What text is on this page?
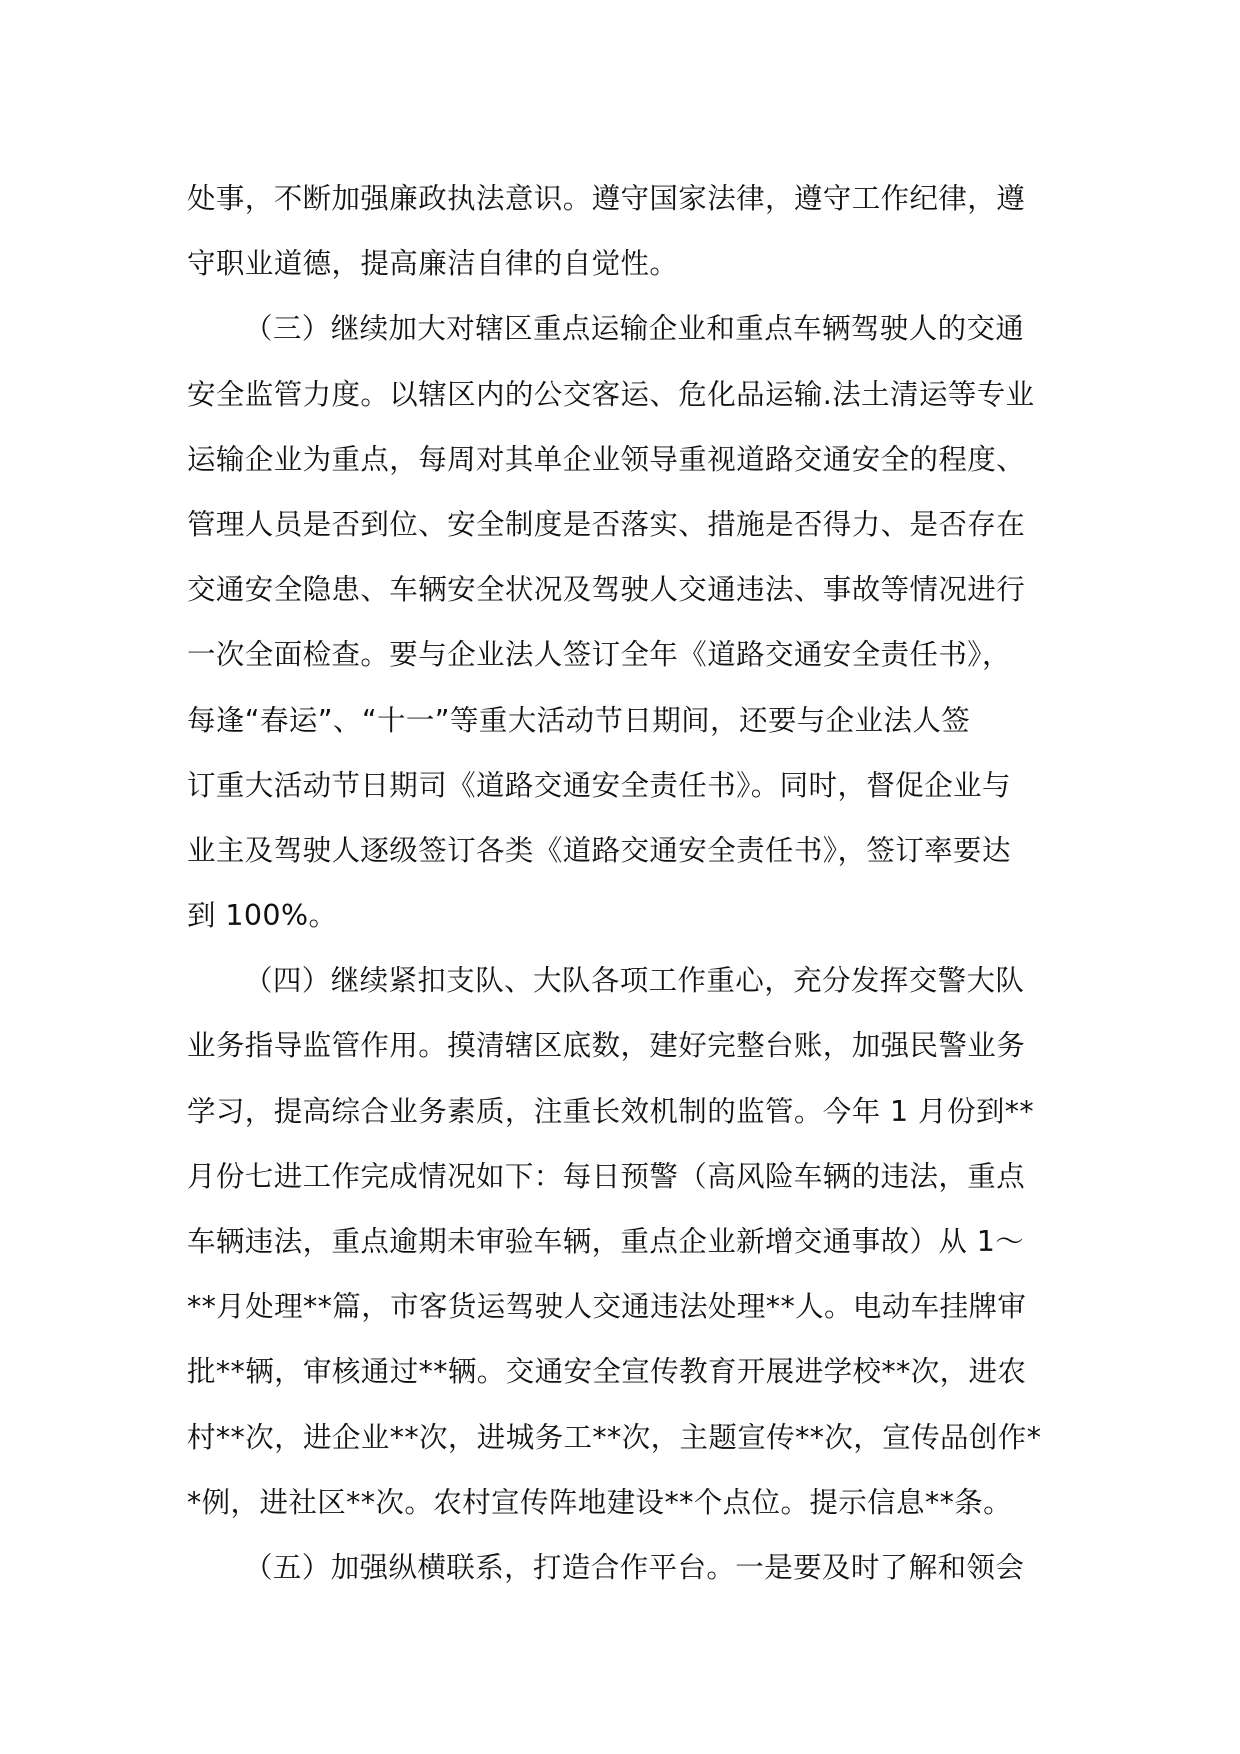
处事，不断加强廉政执法意识。遵守国家法律，遵守工作纪律，遵
守职业道德，提高廉洁自律的自觉性。
（三）继续加大对辖区重点运输企业和重点车辆驾驶人的交通
安全监管力度。以辖区内的公交客运、危化品运输.法土清运等专业
运输企业为重点，每周对其单企业领导重视道路交通安全的程度、
管理人员是否到位、安全制度是否落实、措施是否得力、是否存在
交通安全隐患、车辆安全状况及驾驶人交通违法、事故等情况进行
一次全面检查。要与企业法人签订全年《道路交通安全责任书》，
每逢“春运”、“十一”等重大活动节日期间，还要与企业法人签
订重大活动节日期司《道路交通安全责任书》。同时，督促企业与
业主及驾驶人逐级签订各类《道路交通安全责任书》，签订率要达
到 100%。
（四）继续紧扣支队、大队各项工作重心，充分发挥交警大队
业务指导监管作用。摸清辖区底数，建好完整台账，加强民警业务
学习，提高综合业务素质，注重长效机制的监管。今年 1 月份到**
月份七进工作完成情况如下：每日预警（高风险车辆的违法，重点
车辆违法，重点逾期未审验车辆，重点企业新增交通事故）从 1～
**月处理**篇，市客货运驾驶人交通违法处理**人。电动车挂牌审
批**辆，审核通过**辆。交通安全宣传教育开展进学校**次，进农
村**次，进企业**次，进城务工**次，主题宣传**次，宣传品创作*
*例，进社区**次。农村宣传阵地建设**个点位。提示信息**条。
（五）加强纵横联系，打造合作平台。一是要及时了解和领会
